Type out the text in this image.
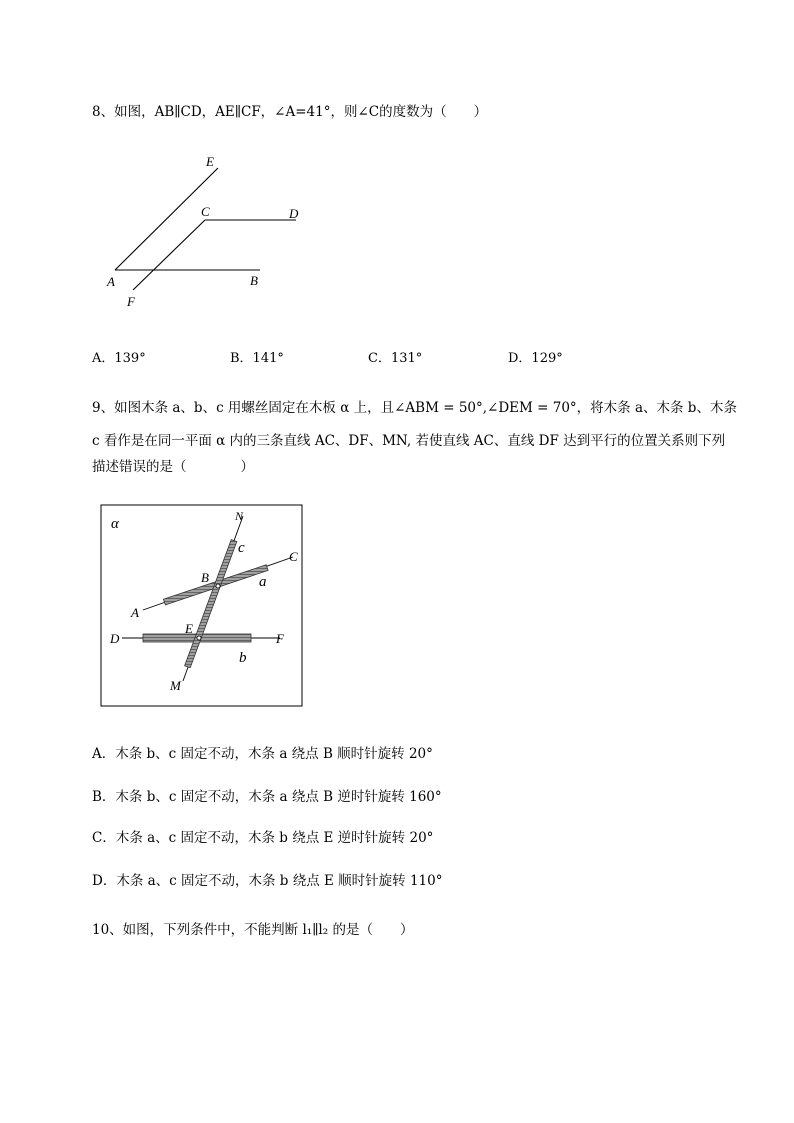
8、如图，AB∥CD，AE∥CF，∠A=41°，则∠C的度数为（　　）
E
C	D
A	B
F
A．139°	B．141°	C．131°	D．129°
9、如图木条 a、b、c 用螺丝固定在木板 α 上，且∠ABM = 50°,∠DEM = 70°，将木条 a、木条 b、木条
c 看作是在同一平面 α 内的三条直线 AC、DF、MN, 若使直线 AC、直线 DF 达到平行的位置关系则下列
描述错误的是（　　　　）
α	N
c
C
B	a
A
E
D	F
b
M
A．木条 b、c 固定不动，木条 a 绕点 B 顺时针旋转 20°
B．木条 b、c 固定不动，木条 a 绕点 B 逆时针旋转 160°
C．木条 a、c 固定不动，木条 b 绕点 E 逆时针旋转 20°
D．木条 a、c 固定不动，木条 b 绕点 E 顺时针旋转 110°
10、如图，下列条件中，不能判断 l₁∥l₂ 的是（　　）
